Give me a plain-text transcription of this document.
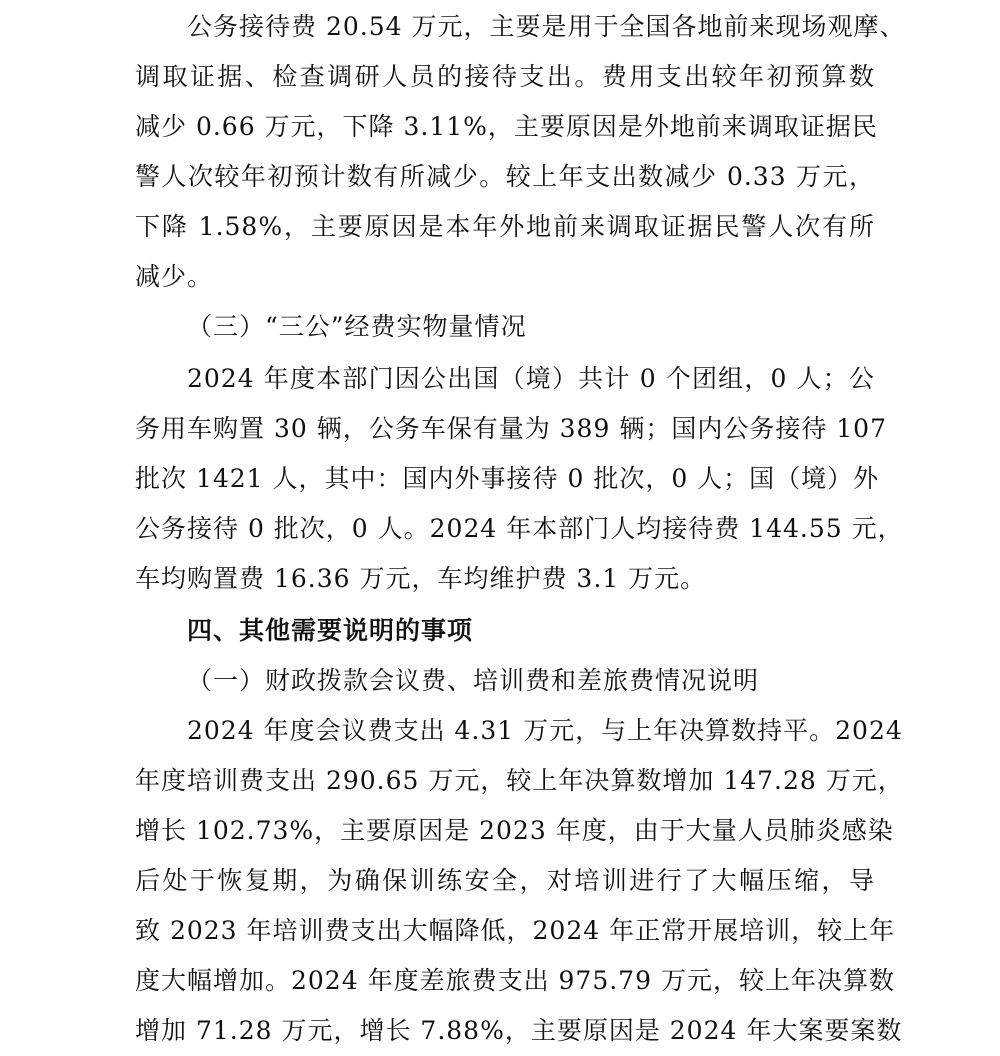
公务接待费 20.54 万元，主要是用于全国各地前来现场观摩、
调取证据、检查调研人员的接待支出。费用支出较年初预算数
减少 0.66 万元，下降 3.11%，主要原因是外地前来调取证据民
警人次较年初预计数有所减少。较上年支出数减少 0.33 万元，
下降 1.58%，主要原因是本年外地前来调取证据民警人次有所
减少。
（三）“三公”经费实物量情况
2024 年度本部门因公出国（境）共计 0 个团组，0 人；公
务用车购置 30 辆，公务车保有量为 389 辆；国内公务接待 107
批次 1421 人，其中：国内外事接待 0 批次，0 人；国（境）外
公务接待 0 批次，0 人。2024 年本部门人均接待费 144.55 元，
车均购置费 16.36 万元，车均维护费 3.1 万元。
四、其他需要说明的事项
（一）财政拨款会议费、培训费和差旅费情况说明
2024 年度会议费支出 4.31 万元，与上年决算数持平。2024
年度培训费支出 290.65 万元，较上年决算数增加 147.28 万元，
增长 102.73%，主要原因是 2023 年度，由于大量人员肺炎感染
后处于恢复期，为确保训练安全，对培训进行了大幅压缩，导
致 2023 年培训费支出大幅降低，2024 年正常开展培训，较上年
度大幅增加。2024 年度差旅费支出 975.79 万元，较上年决算数
增加 71.28 万元，增长 7.88%，主要原因是 2024 年大案要案数
